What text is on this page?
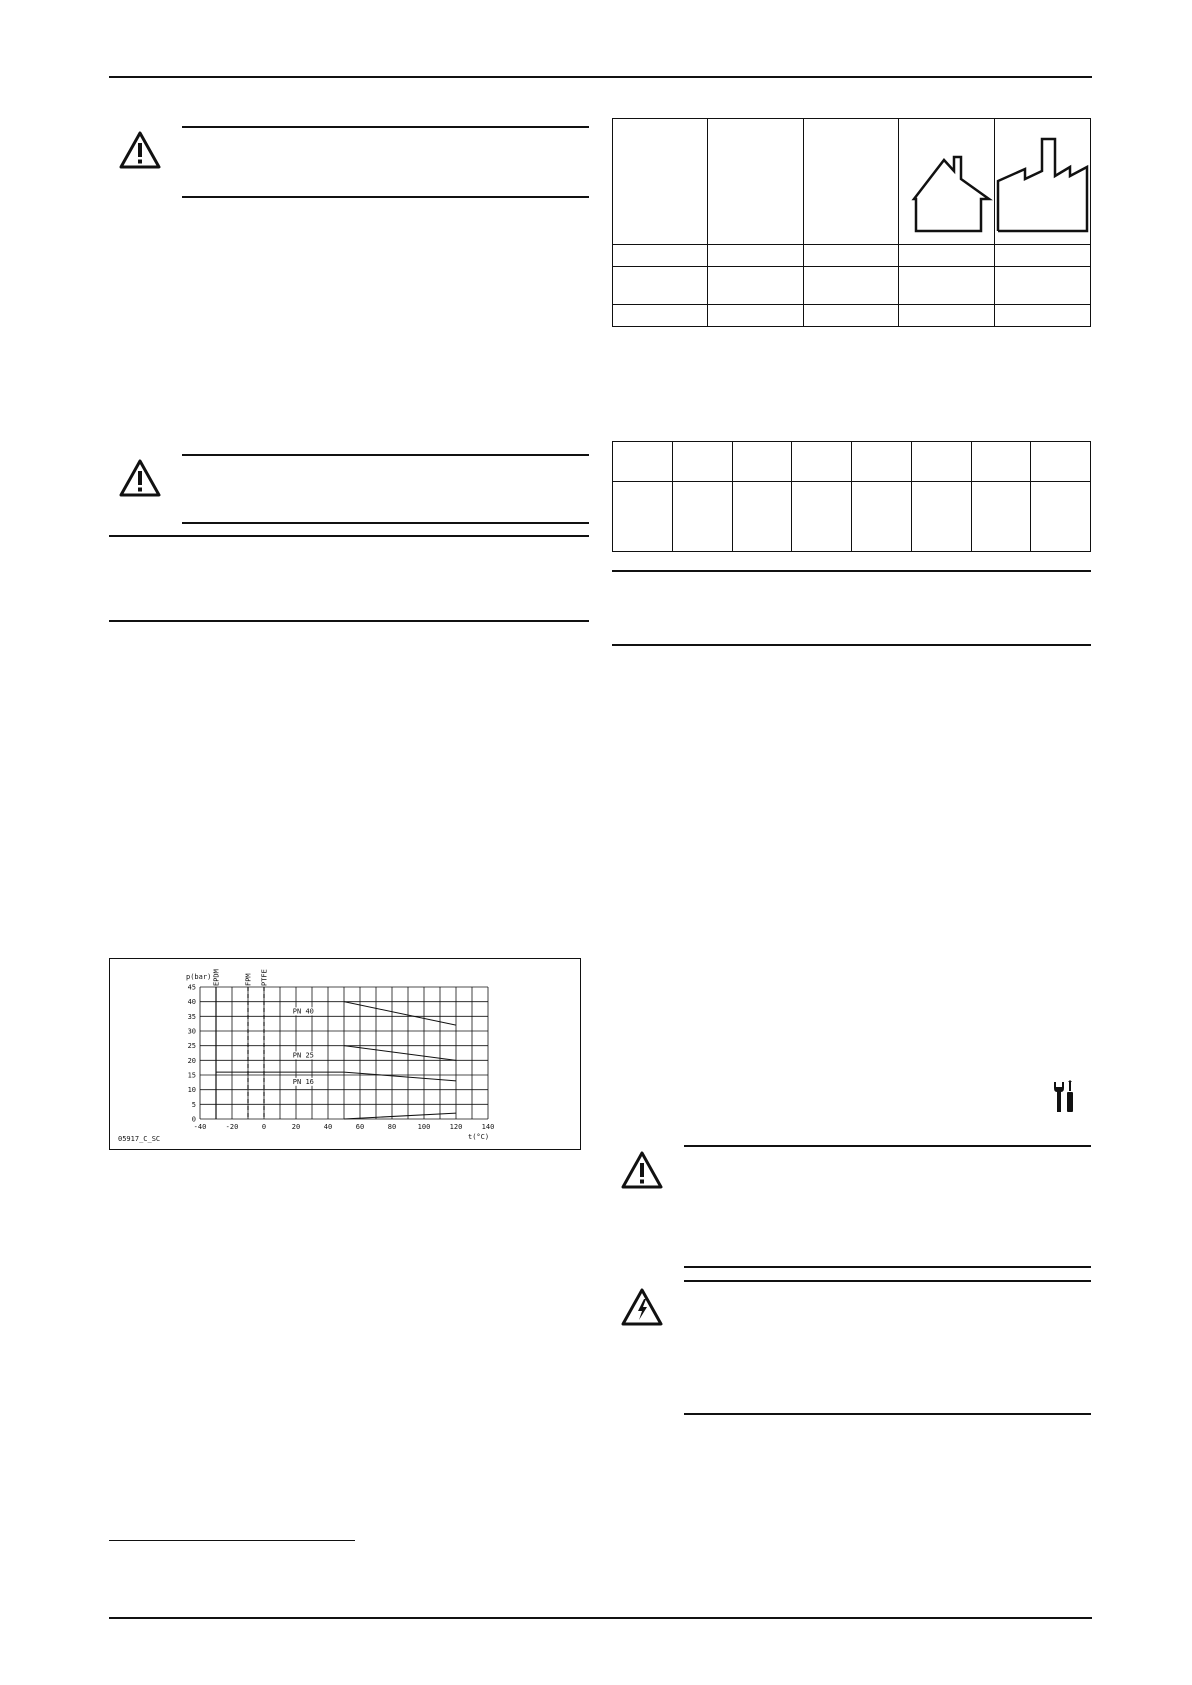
-40	-20	0	20	40	60	80	100	120	140
0
5
10
15
20
25
30
35
40
45
p(bar)
t(°C)
EPDM	FPM PTFE
PN 40
PN 25
PN 16
05917_C_SC
